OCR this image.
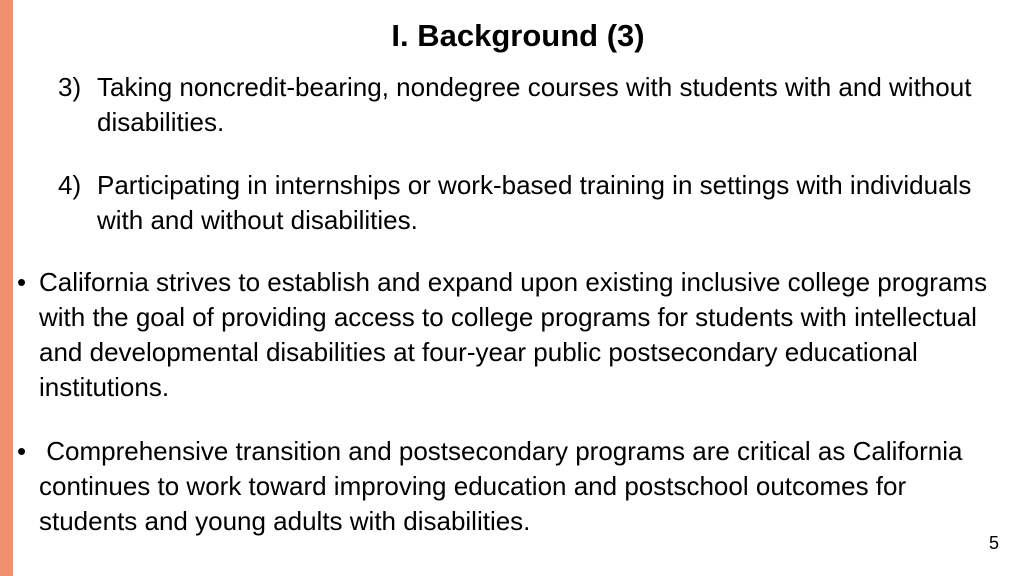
I. Background (3)
3) Taking noncredit-bearing, nondegree courses with students with and without disabilities.
4) Participating in internships or work-based training in settings with individuals with and without disabilities.
• California strives to establish and expand upon existing inclusive college programs with the goal of providing access to college programs for students with intellectual and developmental disabilities at four-year public postsecondary educational institutions.
• Comprehensive transition and postsecondary programs are critical as California continues to work toward improving education and postschool outcomes for students and young adults with disabilities.
5
